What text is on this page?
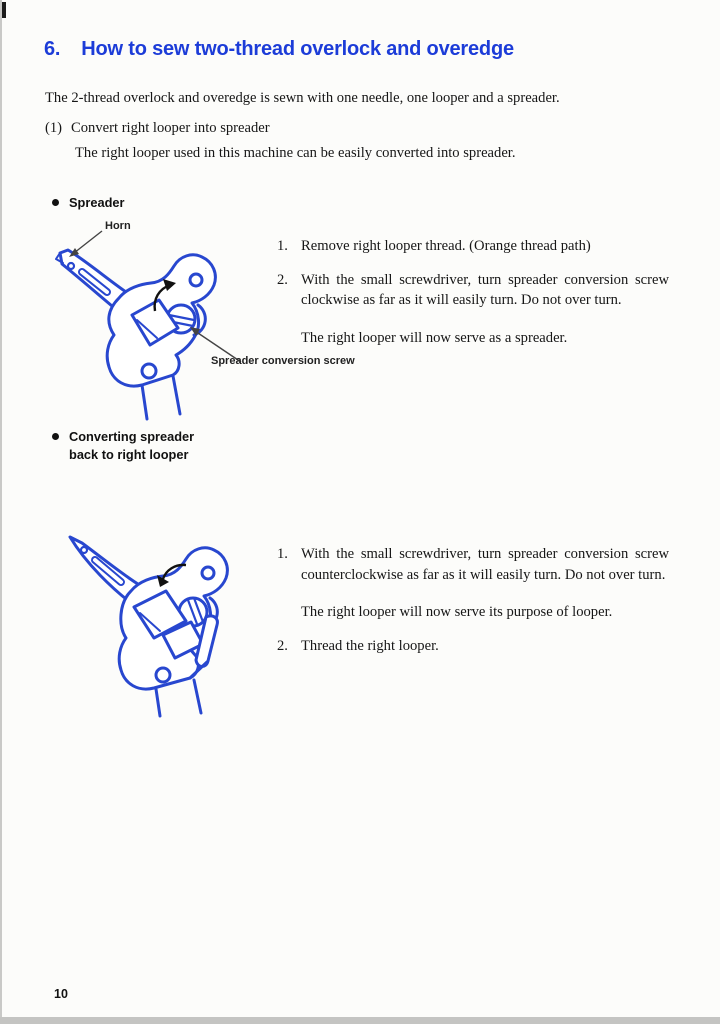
6. How to sew two-thread overlock and overedge

The 2-thread overlock and overedge is sewn with one needle, one looper and a spreader.

(1) Convert right looper into spreader

The right looper used in this machine can be easily converted into spreader.

Spreader
Horn
Spreader conversion screw
1. Remove right looper thread. (Orange thread path)

2. With the small screwdriver, turn spreader conversion screw clockwise as far as it will easily turn. Do not over turn.

The right looper will now serve as a spreader.

Converting spreader
back to right looper
1. With the small screwdriver, turn spreader conversion screw counterclockwise as far as it will easily turn. Do not over turn.

The right looper will now serve its purpose of looper.

2. Thread the right looper.

10
